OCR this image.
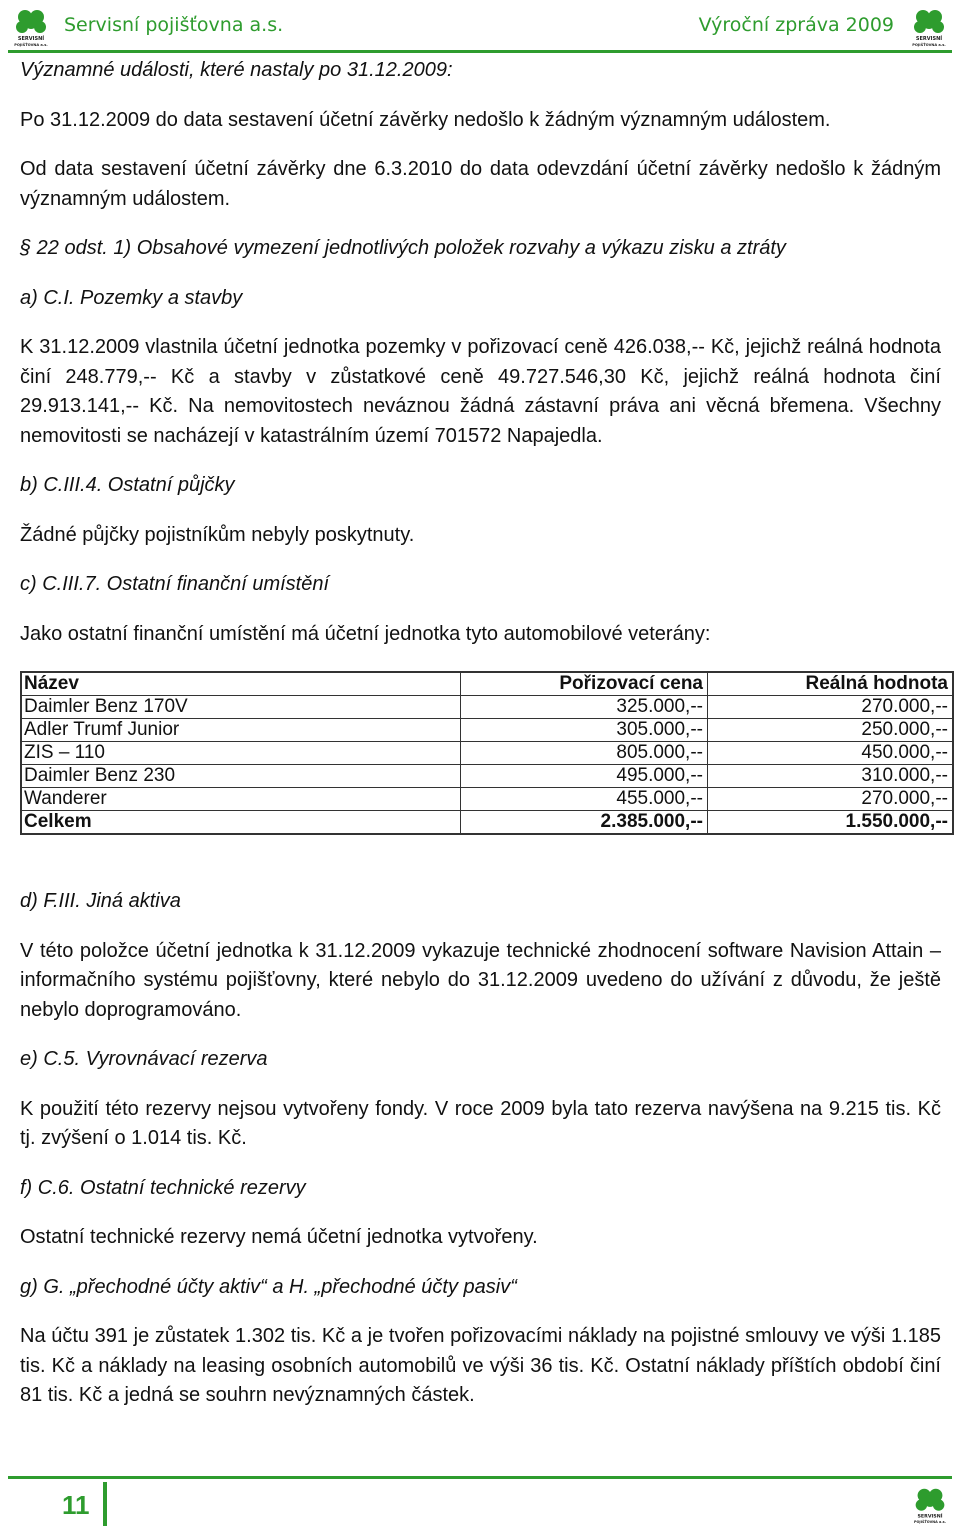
SERVISNÍ
POJIŠŤOVNA a.s.
Servisní pojišťovna a.s.	Výroční zpráva 2009
SERVISNÍ
POJIŠŤOVNA a.s.

Významné události, které nastaly po 31.12.2009:

Po 31.12.2009 do data sestavení účetní závěrky nedošlo k žádným významným událostem.

Od data sestavení účetní závěrky dne 6.3.2010 do data odevzdání účetní závěrky nedošlo k žádným významným událostem.

§ 22 odst. 1) Obsahové vymezení jednotlivých položek rozvahy a výkazu zisku a ztráty

a) C.I. Pozemky a stavby

K 31.12.2009 vlastnila účetní jednotka pozemky v pořizovací ceně 426.038,-- Kč, jejichž reálná hodnota činí 248.779,-- Kč a stavby v zůstatkové ceně 49.727.546,30 Kč, jejichž reálná hodnota činí 29.913.141,-- Kč. Na nemovitostech neváznou žádná zástavní práva ani věcná břemena. Všechny nemovitosti se nacházejí v katastrálním území 701572 Napajedla.

b) C.III.4. Ostatní půjčky

Žádné půjčky pojistníkům nebyly poskytnuty.

c) C.III.7. Ostatní finanční umístění

Jako ostatní finanční umístění má účetní jednotka tyto automobilové veterány:

Název	Pořizovací cena	Reálná hodnota
Daimler Benz 170V	325.000,--	270.000,--
Adler Trumf Junior	305.000,--	250.000,--
ZIS – 110	805.000,--	450.000,--
Daimler Benz 230	495.000,--	310.000,--
Wanderer	455.000,--	270.000,--
Celkem	2.385.000,--	1.550.000,--

d) F.III. Jiná aktiva

V této položce účetní jednotka k 31.12.2009 vykazuje technické zhodnocení software Navision Attain – informačního systému pojišťovny, které nebylo do 31.12.2009 uvedeno do užívání z důvodu, že ještě nebylo doprogramováno.

e) C.5. Vyrovnávací rezerva

K použití této rezervy nejsou vytvořeny fondy. V roce 2009 byla tato rezerva navýšena na 9.215 tis. Kč tj. zvýšení o 1.014 tis. Kč.

f) C.6. Ostatní technické rezervy

Ostatní technické rezervy nemá účetní jednotka vytvořeny.

g) G. „přechodné účty aktiv“ a H. „přechodné účty pasiv“

Na účtu 391 je zůstatek 1.302 tis. Kč a je tvořen pořizovacími náklady na pojistné smlouvy ve výši 1.185 tis. Kč a náklady na leasing osobních automobilů ve výši 36 tis. Kč. Ostatní náklady příštích období činí 81 tis. Kč a jedná se souhrn nevýznamných částek.

11	SERVISNÍ
POJIŠŤOVNA a.s.
